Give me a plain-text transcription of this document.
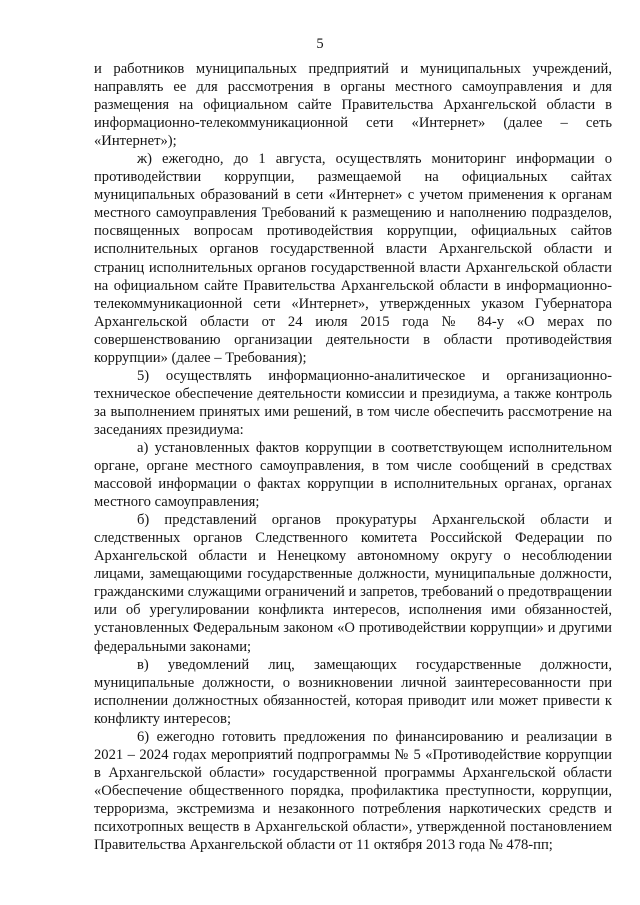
5

и работников муниципальных предприятий и муниципальных учреждений, направлять ее для рассмотрения в органы местного самоуправления и для размещения на официальном сайте Правительства Архангельской области в информационно-телекоммуникационной сети «Интернет» (далее – сеть «Интернет»);

ж) ежегодно, до 1 августа, осуществлять мониторинг информации о противодействии коррупции, размещаемой на официальных сайтах муниципальных образований в сети «Интернет» с учетом применения к органам местного самоуправления Требований к размещению и наполнению подразделов, посвященных вопросам противодействия коррупции, официальных сайтов исполнительных органов государственной власти Архангельской области и страниц исполнительных органов государственной власти Архангельской области на официальном сайте Правительства Архангельской области в информационно-телекоммуникационной сети «Интернет», утвержденных указом Губернатора Архангельской области от 24 июля 2015 года № 84-у «О мерах по совершенствованию организации деятельности в области противодействия коррупции» (далее – Требования);

5) осуществлять информационно-аналитическое и организационно-техническое обеспечение деятельности комиссии и президиума, а также контроль за выполнением принятых ими решений, в том числе обеспечить рассмотрение на заседаниях президиума:

а) установленных фактов коррупции в соответствующем исполнительном органе, органе местного самоуправления, в том числе сообщений в средствах массовой информации о фактах коррупции в исполнительных органах, органах местного самоуправления;

б) представлений органов прокуратуры Архангельской области и следственных органов Следственного комитета Российской Федерации по Архангельской области и Ненецкому автономному округу о несоблюдении лицами, замещающими государственные должности, муниципальные должности, гражданскими служащими ограничений и запретов, требований о предотвращении или об урегулировании конфликта интересов, исполнения ими обязанностей, установленных Федеральным законом «О противодействии коррупции» и другими федеральными законами;

в) уведомлений лиц, замещающих государственные должности, муниципальные должности, о возникновении личной заинтересованности при исполнении должностных обязанностей, которая приводит или может привести к конфликту интересов;

6) ежегодно готовить предложения по финансированию и реализации в 2021 – 2024 годах мероприятий подпрограммы № 5 «Противодействие коррупции в Архангельской области» государственной программы Архангельской области «Обеспечение общественного порядка, профилактика преступности, коррупции, терроризма, экстремизма и незаконного потребления наркотических средств и психотропных веществ в Архангельской области», утвержденной постановлением Правительства Архангельской области от 11 октября 2013 года № 478-пп;
